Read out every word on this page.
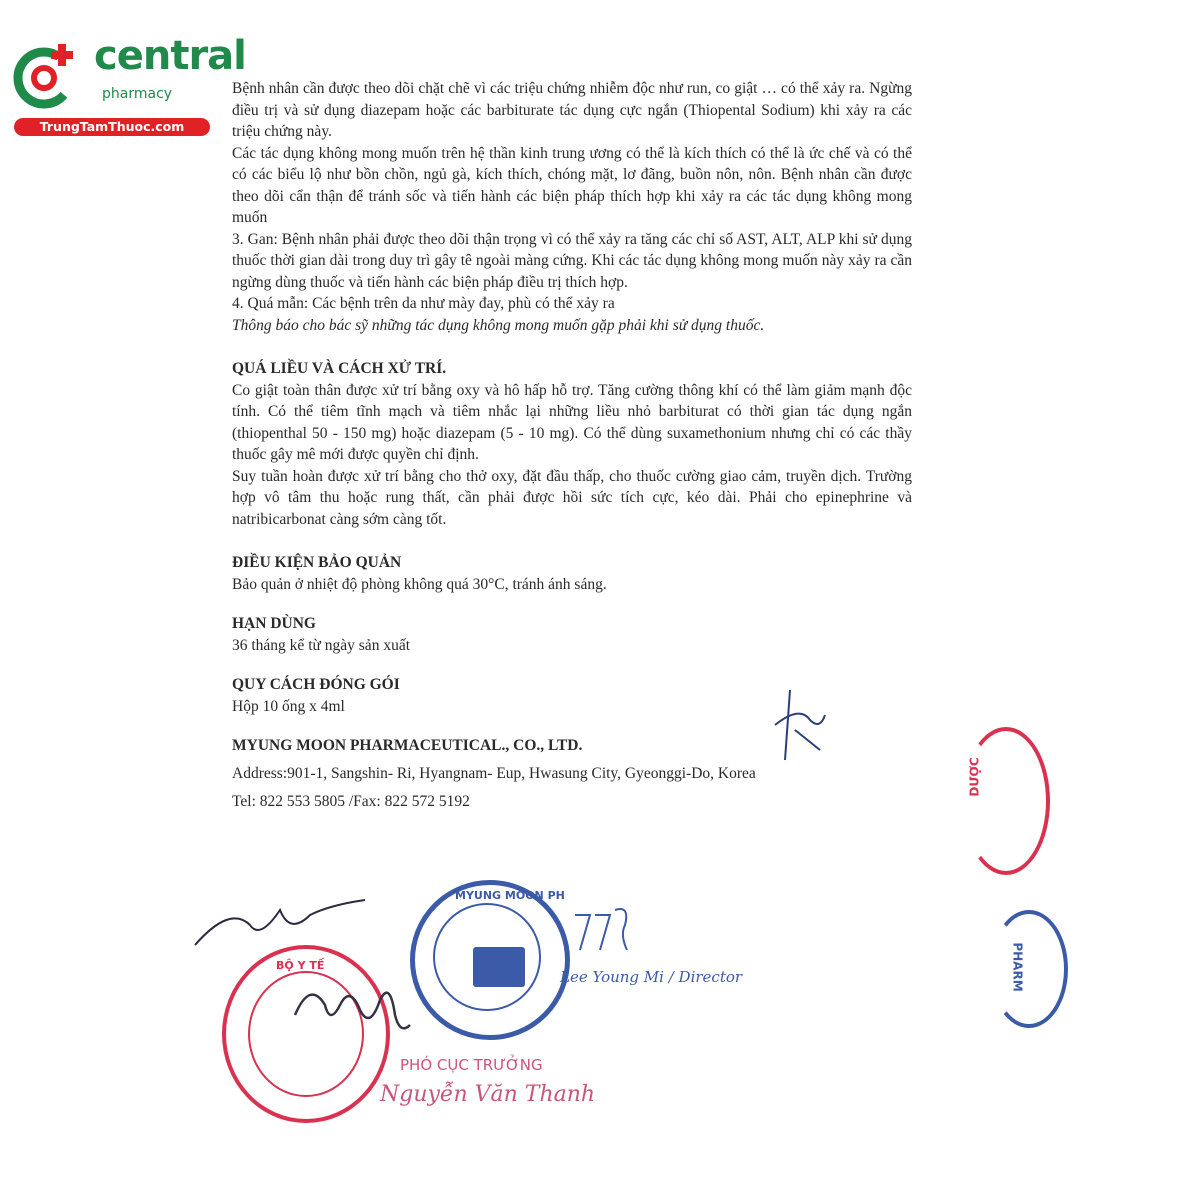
central
pharmacy
TrungTamThuoc.com

Bệnh nhân cần được theo dõi chặt chẽ vì các triệu chứng nhiễm độc như run, co giật … có thể xảy ra. Ngừng điều trị và sử dụng diazepam hoặc các barbiturate tác dụng cực ngắn (Thiopental Sodium) khi xảy ra các triệu chứng này.

Các tác dụng không mong muốn trên hệ thần kinh trung ương có thể là kích thích có thể là ức chế và có thể có các biểu lộ như bồn chồn, ngủ gà, kích thích, chóng mặt, lơ đãng, buồn nôn, nôn. Bệnh nhân cần được theo dõi cẩn thận để tránh sốc và tiến hành các biện pháp thích hợp khi xảy ra các tác dụng không mong muốn

3. Gan: Bệnh nhân phải được theo dõi thận trọng vì có thể xảy ra tăng các chỉ số AST, ALT, ALP khi sử dụng thuốc thời gian dài trong duy trì gây tê ngoài màng cứng. Khi các tác dụng không mong muốn này xảy ra cần ngừng dùng thuốc và tiến hành các biện pháp điều trị thích hợp.

4. Quá mẫn: Các bệnh trên da như mày đay, phù có thể xảy ra

Thông báo cho bác sỹ những tác dụng không mong muốn gặp phải khi sử dụng thuốc.

QUÁ LIỀU VÀ CÁCH XỬ TRÍ.

Co giật toàn thân được xử trí bằng oxy và hô hấp hỗ trợ. Tăng cường thông khí có thể làm giảm mạnh độc tính. Có thể tiêm tĩnh mạch và tiêm nhắc lại những liều nhỏ barbiturat có thời gian tác dụng ngắn (thiopenthal 50 - 150 mg) hoặc diazepam (5 - 10 mg). Có thể dùng suxamethonium nhưng chỉ có các thầy thuốc gây mê mới được quyền chỉ định.

Suy tuần hoàn được xử trí bằng cho thở oxy, đặt đầu thấp, cho thuốc cường giao cảm, truyền dịch. Trường hợp vô tâm thu hoặc rung thất, cần phải được hồi sức tích cực, kéo dài. Phải cho epinephrine và natribicarbonat càng sớm càng tốt.

ĐIỀU KIỆN BẢO QUẢN

Bảo quản ở nhiệt độ phòng không quá 30°C, tránh ánh sáng.

HẠN DÙNG

36 tháng kể từ ngày sản xuất

QUY CÁCH ĐÓNG GÓI

Hộp 10 ống x 4ml

MYUNG MOON PHARMACEUTICAL., CO., LTD.

Address:901-1, Sangshin- Ri, Hyangnam- Eup, Hwasung City, Gyeonggi-Do, Korea

Tel: 822 553 5805 /Fax: 822 572 5192

DƯỢC
PHARM
BỘ Y TẾ
MYUNG MOON PH
Lee Young Mi / Director
PHÓ CỤC TRƯỞNG
Nguyễn Văn Thanh
